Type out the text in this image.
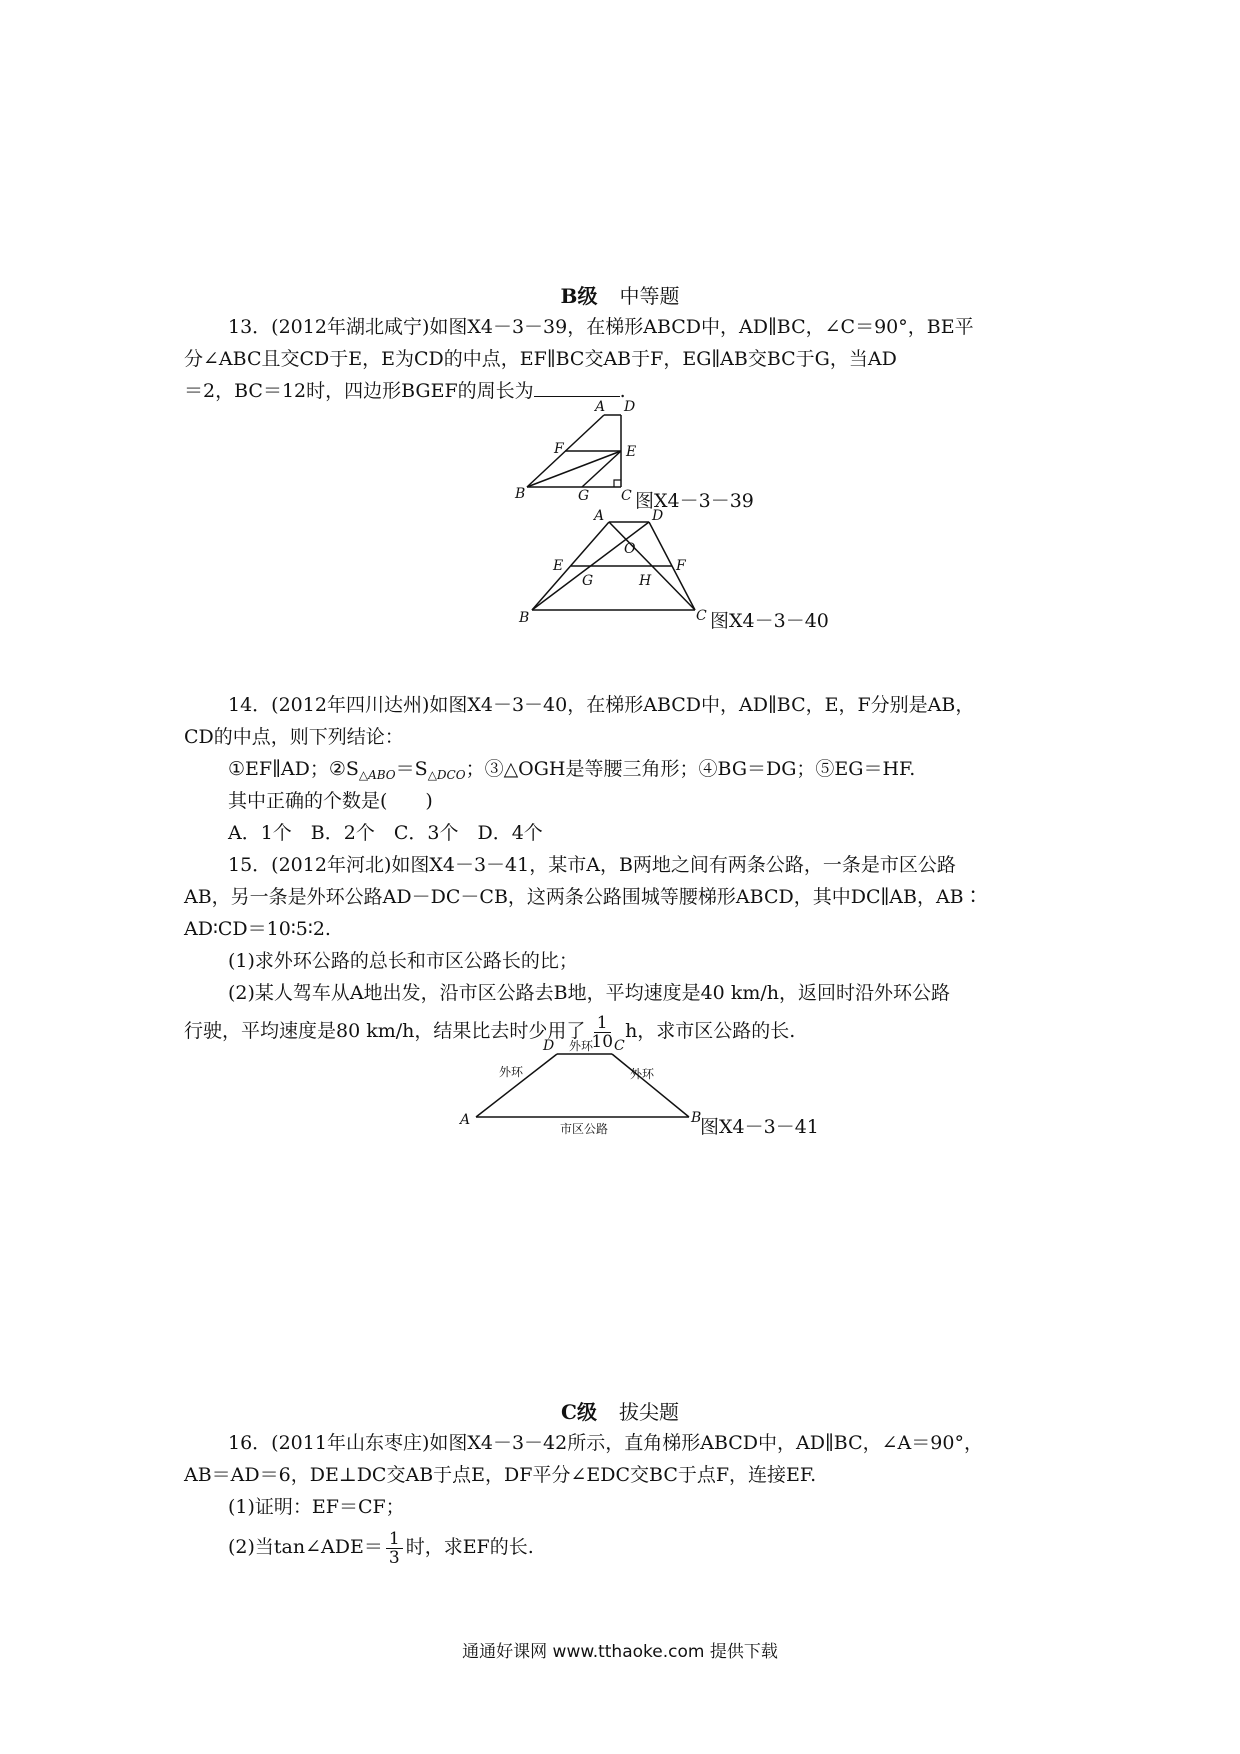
B级 中等题
13．(2012年湖北咸宁)如图X4－3－39，在梯形ABCD中，AD∥BC，∠C＝90°，BE平
分∠ABC且交CD于E，E为CD的中点，EF∥BC交AB于F，EG∥AB交BC于G，当AD
＝2，BC＝12时，四边形BGEF的周长为	.
A D
F	E
B	G C 图X4－3－39
A	D
O
E	F
G	H
B	C 图X4－3－40
14．(2012年四川达州)如图X4－3－40，在梯形ABCD中，AD∥BC，E，F分别是AB，
CD的中点，则下列结论：
①EF∥AD；$②S_{\triangle ABO}=S_{\triangle DCO}$；③△OGH是等腰三角形；④BG＝DG；⑤EG＝HF.
其中正确的个数是(　　)
A．1个　B．2个　C．3个　D．4个
15．(2012年河北)如图X4－3－41，某市A，B两地之间有两条公路，一条是市区公路
AB，另一条是外环公路AD－DC－CB，这两条公路围城等腰梯形ABCD，其中DC∥AB，AB∶
AD∶CD＝10∶5∶2.
(1)求外环公路的总长和市区公路长的比；
(2)某人驾车从A地出发，沿市区公路去B地，平均速度是40 km/h，返回时沿外环公路
行驶，平均速度是80 km/h，结果比去时少用了 $\frac{1}{10}$ h，求市区公路的长.
D	C
A	B
外环
外环
外环
市区公路	图X4－3－41
C级 拔尖题
16．(2011年山东枣庄)如图X4－3－42所示，直角梯形ABCD中，AD∥BC，∠A＝90°，
AB＝AD＝6，DE⊥DC交AB于点E，DF平分∠EDC交BC于点F，连接EF.
(1)证明：EF＝CF；
(2)当tan∠ADE＝ $\frac{1}{3}$ 时，求EF的长.
通通好课网 www.tthaoke.com 提供下载
